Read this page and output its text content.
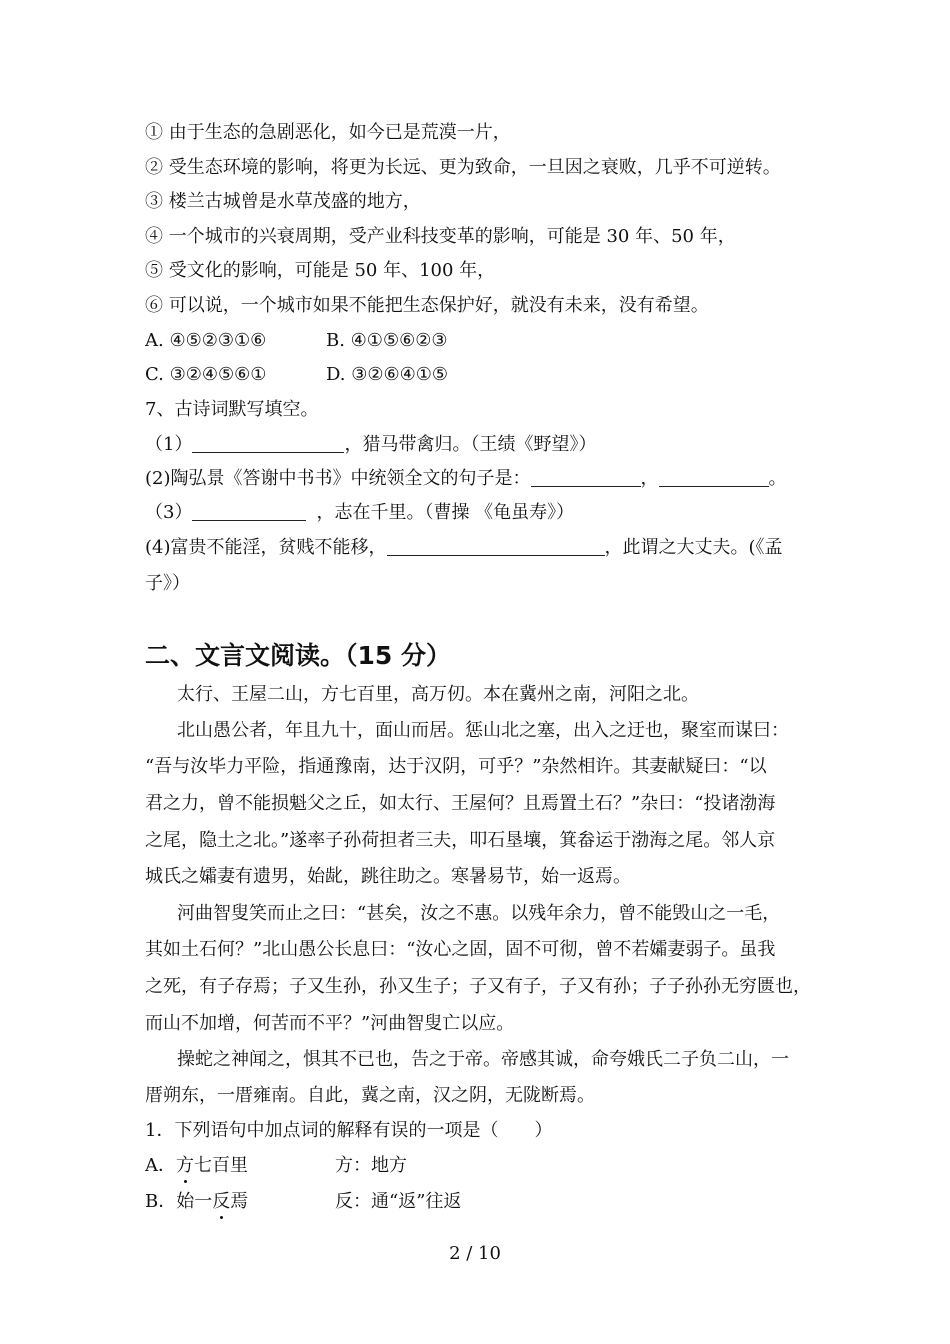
① 由于生态的急剧恶化，如今已是荒漠一片，
② 受生态环境的影响，将更为长远、更为致命，一旦因之衰败，几乎不可逆转。
③ 楼兰古城曾是水草茂盛的地方，
④ 一个城市的兴衰周期，受产业科技变革的影响，可能是 30 年、50 年，
⑤ 受文化的影响，可能是 50 年、100 年，
⑥ 可以说，一个城市如果不能把生态保护好，就没有未来，没有希望。
A. ④⑤②③①⑥	B. ④①⑤⑥②③
C. ③②④⑤⑥①	D. ③②⑥④①⑤
7、古诗词默写填空。
（1）	，猎马带禽归。（王绩《野望》）
(2)陶弘景《答谢中书书》中统领全文的句子是：	，	。
（3）	，志在千里。（曹操 《龟虽寿》）
(4)富贵不能淫，贫贱不能移，	，此谓之大丈夫。(《孟
子》）
二、文言文阅读。（15 分）
太行、王屋二山，方七百里，高万仞。本在冀州之南，河阳之北。
北山愚公者，年且九十，面山而居。惩山北之塞，出入之迂也，聚室而谋曰：
“吾与汝毕力平险，指通豫南，达于汉阴，可乎？”杂然相许。其妻献疑曰：“以
君之力，曾不能损魁父之丘，如太行、王屋何？且焉置土石？”杂曰：“投诸渤海
之尾，隐土之北。”遂率子孙荷担者三夫，叩石垦壤，箕畚运于渤海之尾。邻人京
城氏之孀妻有遗男，始龀，跳往助之。寒暑易节，始一返焉。
河曲智叟笑而止之曰：“甚矣，汝之不惠。以残年余力，曾不能毁山之一毛，
其如土石何？”北山愚公长息曰：“汝心之固，固不可彻，曾不若孀妻弱子。虽我
之死，有子存焉；子又生孙，孙又生子；子又有子，子又有孙；子子孙孙无穷匮也，
而山不加增，何苦而不平？”河曲智叟亡以应。
操蛇之神闻之，惧其不已也，告之于帝。帝感其诚，命夸娥氏二子负二山，一
厝朔东，一厝雍南。自此，冀之南，汉之阴，无陇断焉。
1．下列语句中加点词的解释有误的一项是（　　）
A．方七百里	方：地方
B．始一反焉	反：通“返”往返
2 / 10
